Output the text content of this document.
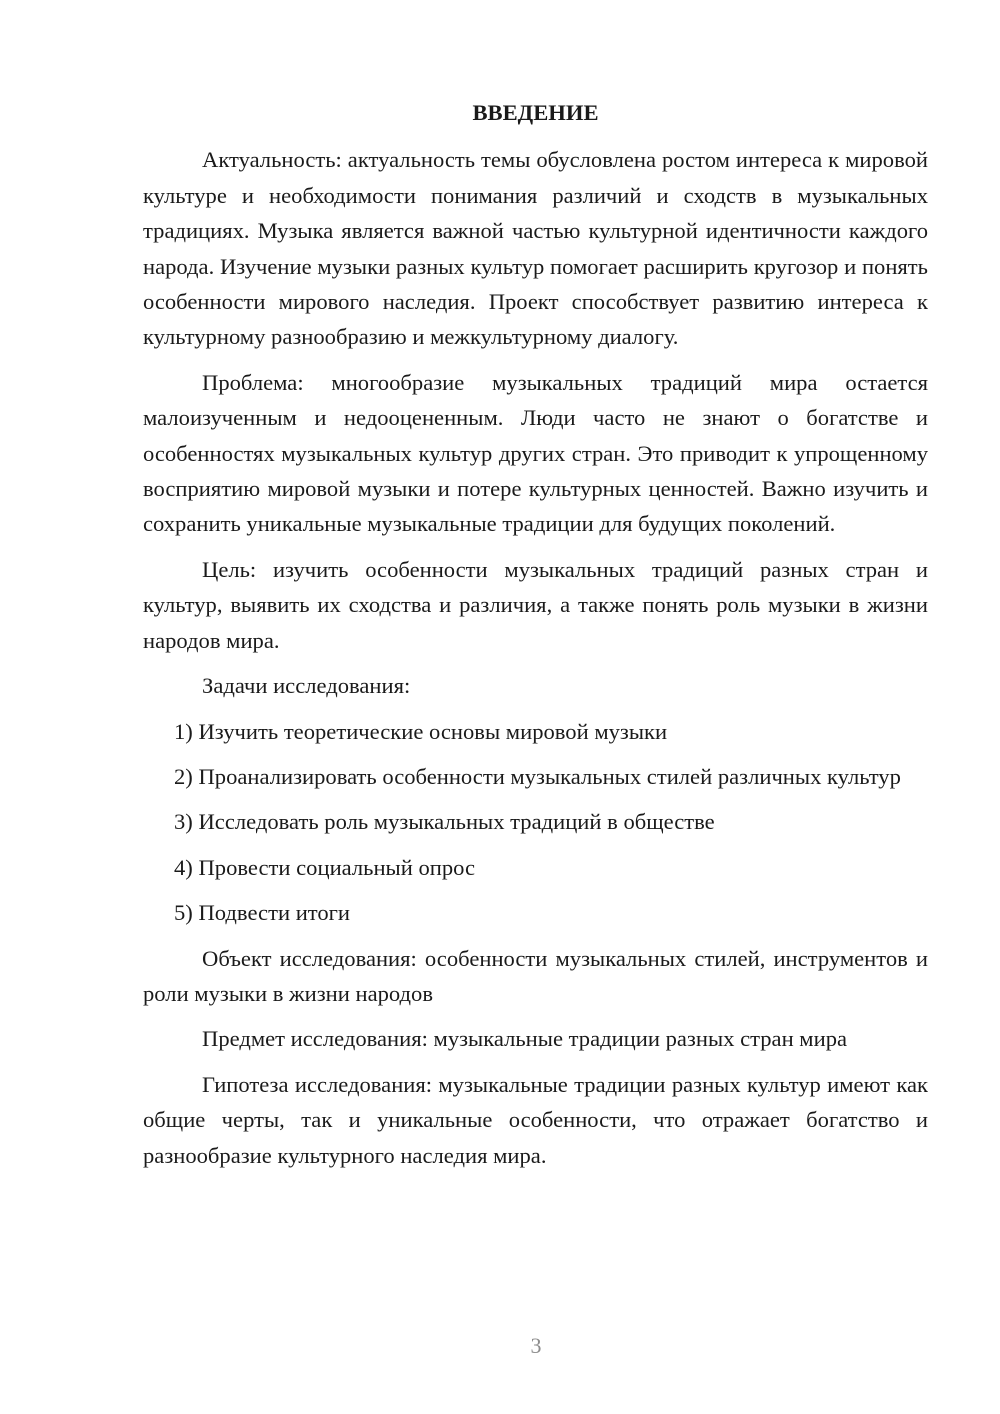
ВВЕДЕНИЕ

Актуальность: актуальность темы обусловлена ростом интереса к мировой культуре и необходимости понимания различий и сходств в музыкальных традициях. Музыка является важной частью культурной идентичности каждого народа. Изучение музыки разных культур помогает расширить кругозор и понять особенности мирового наследия. Проект способствует развитию интереса к культурному разнообразию и межкультурному диалогу.

Проблема: многообразие музыкальных традиций мира остается малоизученным и недооцененным. Люди часто не знают о богатстве и особенностях музыкальных культур других стран. Это приводит к упрощенному восприятию мировой музыки и потере культурных ценностей. Важно изучить и сохранить уникальные музыкальные традиции для будущих поколений.

Цель: изучить особенности музыкальных традиций разных стран и культур, выявить их сходства и различия, а также понять роль музыки в жизни народов мира.

Задачи исследования:

1) Изучить теоретические основы мировой музыки

2) Проанализировать особенности музыкальных стилей различных культур

3) Исследовать роль музыкальных традиций в обществе

4) Провести социальный опрос

5) Подвести итоги

Объект исследования: особенности музыкальных стилей, инструментов и роли музыки в жизни народов

Предмет исследования: музыкальные традиции разных стран мира

Гипотеза исследования: музыкальные традиции разных культур имеют как общие черты, так и уникальные особенности, что отражает богатство и разнообразие культурного наследия мира.

3
